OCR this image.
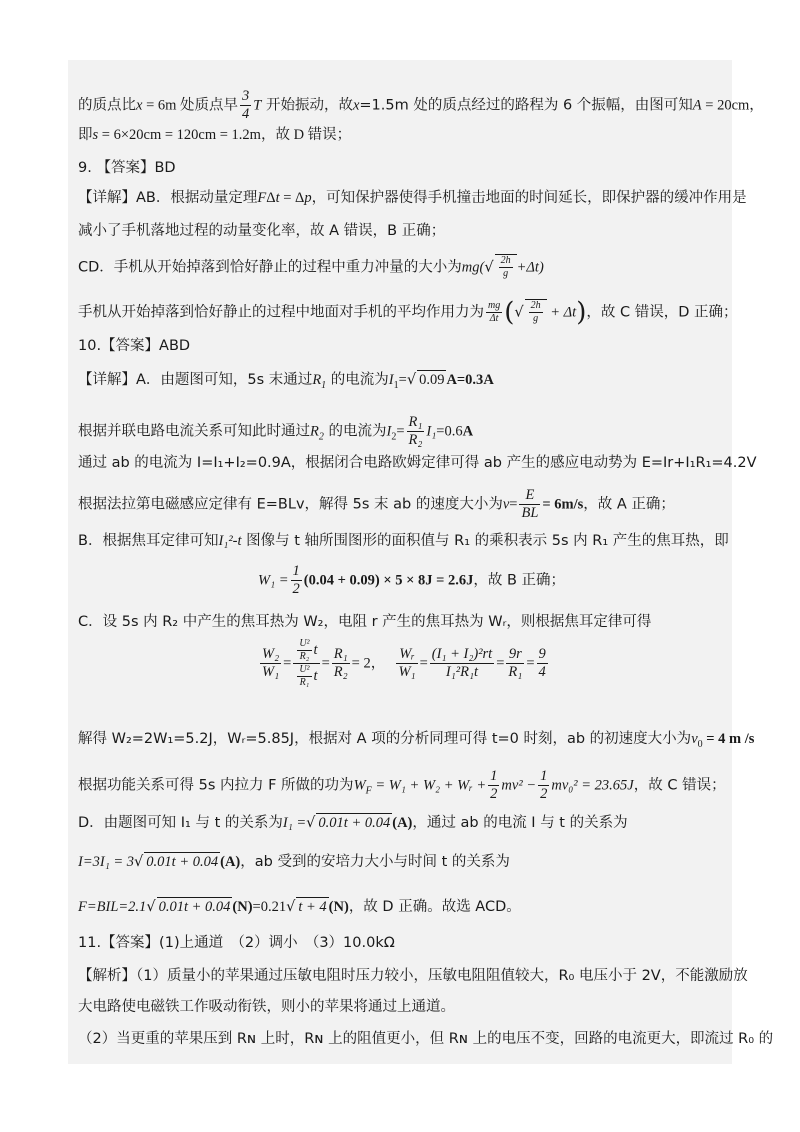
的质点比x = 6m 处质点早 $\frac{3}{4}$ T 开始振动，故x=1.5m 处的质点经过的路程为 6 个振幅，由图可知A = 20cm，
即s = 6×20cm = 120cm = 1.2m，故 D 错误；
9. 【答案】BD
【详解】AB．根据动量定理FΔt = Δp，可知保护器使得手机撞击地面的时间延长，即保护器的缓冲作用是
减小了手机落地过程的动量变化率，故 A 错误，B 正确；
CD．手机从开始掉落到恰好静止的过程中重力冲量的大小为$mg(√ \frac{2h}{g} +\Delta t)$
手机从开始掉落到恰好静止的过程中地面对手机的平均作用力为 $\frac{mg}{\Delta t}$ (√ $\frac{2h}{g} + \Delta t$)，故 C 错误，D 正确；
10.【答案】ABD
【详解】A．由题图可知，5s 末通过$R_1$ 的电流为$I_1=√$ 0.09 A=0.3A
根据并联电路电流关系可知此时通过$R_2$ 的电流为$I_2= \frac{\text{R₁}}{\text{R₂}} I_1=0.6A$
通过 ab 的电流为 I=I₁+I₂=0.9A，根据闭合电路欧姆定律可得 ab 产生的感应电动势为 E=Ir+I₁R₁=4.2V
根据法拉第电磁感应定律有 E=BLv，解得 5s 末 ab 的速度大小为$v= \frac{E}{BL} = 6m/s$，故 A 正确；
B．根据焦耳定律可知I₁²-t 图像与 t 轴所围图形的面积值与 R₁ 的乘积表示 5s 内 R₁ 产生的焦耳热，即
$W_1 = \frac{1}{2} (0.04 + 0.09) \times 5 \times 8J = 2.6J$，故 B 正确；
C．设 5s 内 R₂ 中产生的焦耳热为 W₂，电阻 r 产生的焦耳热为 Wᵣ，则根据焦耳定律可得
$\frac{\text{W₂}}{\text{W₁}} = \frac{\frac{\text{U²}}{\text{R₂}} t}{\frac{\text{U²}}{\text{R₁}} t} = \frac{\text{R₁}}{\text{R₂}} = 2$， $\frac{\text{Wᵣ}}{\text{W₁}} = \frac{\text{(I₁ + I₂)²rt}}{\text{I₁²R₁t}} = \frac{9r}{\text{R₁}} = \frac{9}{4}$
解得 W₂=2W₁=5.2J，Wᵣ=5.85J，根据对 A 项的分析同理可得 t=0 时刻，ab 的初速度大小为$v_0 = 4$ m /s
根据功能关系可得 5s 内拉力 F 所做的功为$W_F = W_1 + W_2$ + Wᵣ + $\frac{1}{2} mv^2 - \frac{1}{2} mv_0^2 = 23.65J$，故 C 错误；
D．由题图可知 I₁ 与 t 的关系为I₁ =√ 0.01t + 0.04 (A)，通过 ab 的电流 I 与 t 的关系为
I=3I₁ = 3√ 0.01t + 0.04 (A)，ab 受到的安培力大小与时间 t 的关系为
F=BIL=2.1√ 0.01t + 0.04 (N)=0.21√ t + 4 (N)，故 D 正确。故选 ACD。
11.【答案】(1)上通道　（2）调小　（3）10.0kΩ
【解析】（1）质量小的苹果通过压敏电阻时压力较小，压敏电阻阻值较大，R₀ 电压小于 2V，不能激励放
大电路使电磁铁工作吸动衔铁，则小的苹果将通过上通道。
（2）当更重的苹果压到 Rɴ 上时，Rɴ 上的阻值更小，但 Rɴ 上的电压不变，回路的电流更大，即流过 R₀ 的
